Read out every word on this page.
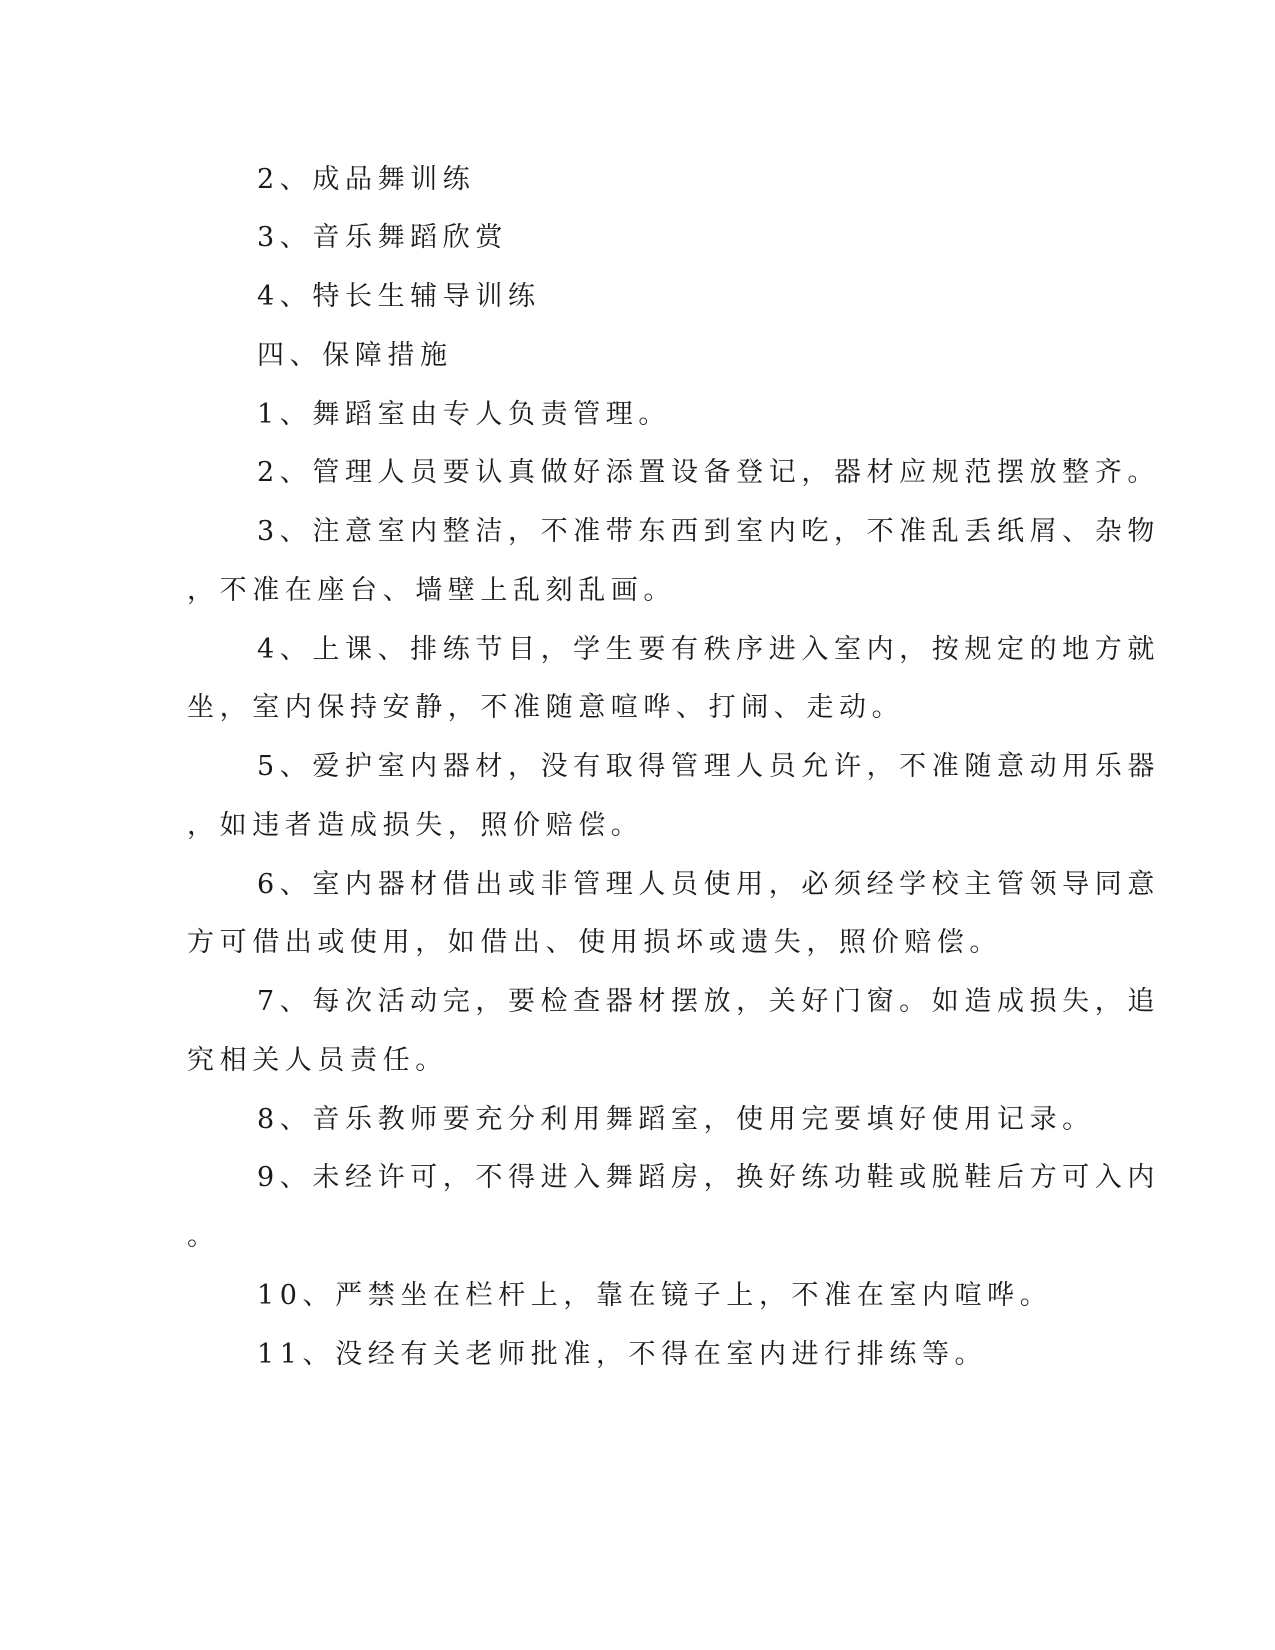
2、成品舞训练
3、音乐舞蹈欣赏
4、特长生辅导训练
四、保障措施
1、舞蹈室由专人负责管理。
2、管理人员要认真做好添置设备登记，器材应规范摆放整齐。
3、注意室内整洁，不准带东西到室内吃，不准乱丢纸屑、杂物
，不准在座台、墙壁上乱刻乱画。
4、上课、排练节目，学生要有秩序进入室内，按规定的地方就
坐，室内保持安静，不准随意喧哗、打闹、走动。
5、爱护室内器材，没有取得管理人员允许，不准随意动用乐器
，如违者造成损失，照价赔偿。
6、室内器材借出或非管理人员使用，必须经学校主管领导同意
方可借出或使用，如借出、使用损坏或遗失，照价赔偿。
7、每次活动完，要检查器材摆放，关好门窗。如造成损失，追
究相关人员责任。
8、音乐教师要充分利用舞蹈室，使用完要填好使用记录。
9、未经许可，不得进入舞蹈房，换好练功鞋或脱鞋后方可入内
。
10、严禁坐在栏杆上，靠在镜子上，不准在室内喧哗。
11、没经有关老师批准，不得在室内进行排练等。
